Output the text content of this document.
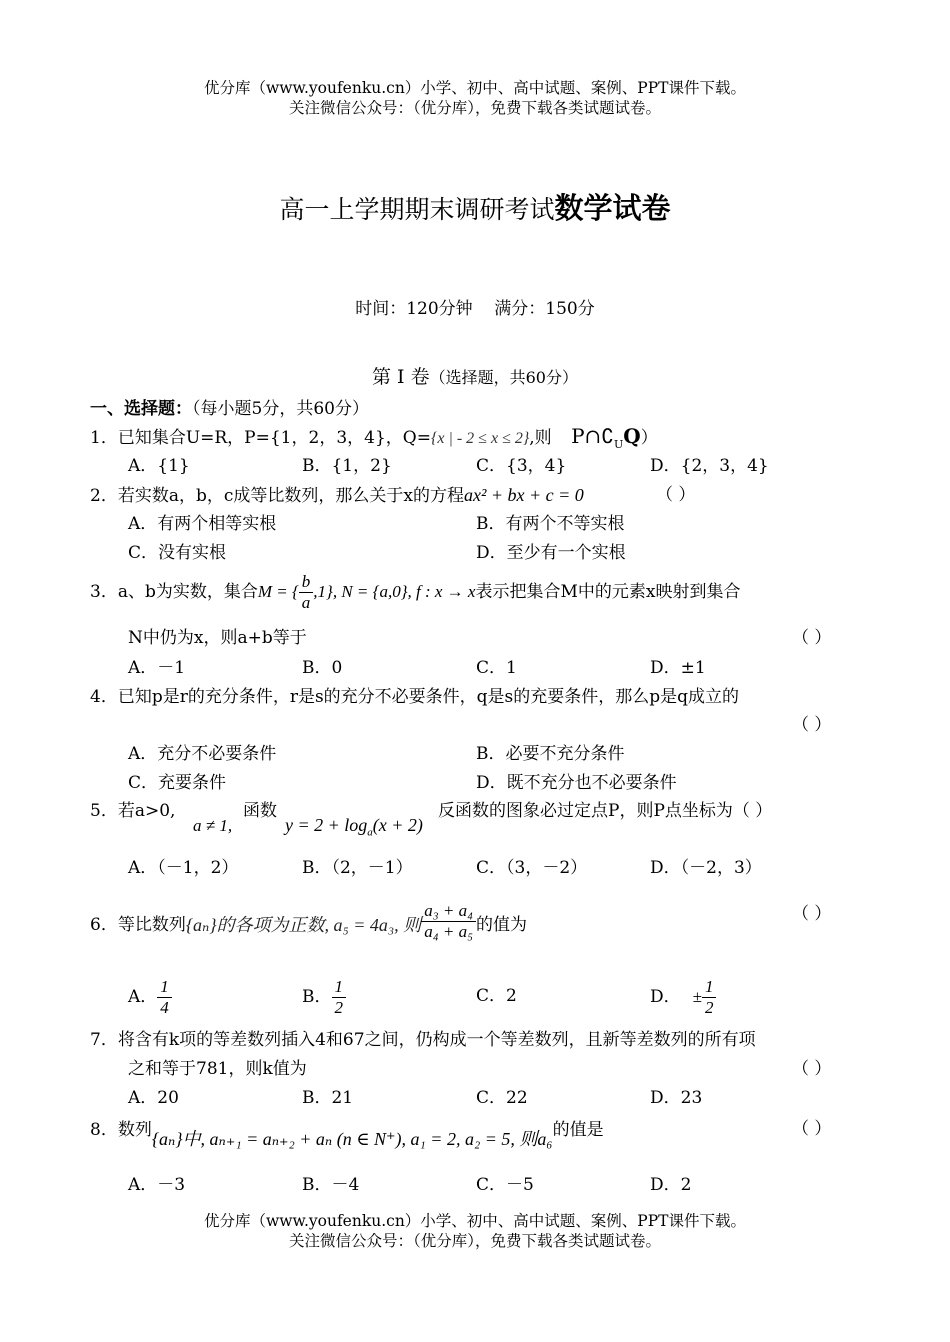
优分库（www.youfenku.cn）小学、初中、高中试题、案例、PPT课件下载。
关注微信公众号：（优分库），免费下载各类试题试卷。
高一上学期期末调研考试数学试卷
时间：120分钟    满分：150分
第 Ⅰ 卷（选择题，共60分）
一、选择题：（每小题5分，共60分）
1．已知集合U=R，P={1，2，3，4}，Q={x | - 2 ≤ x ≤ 2},则 $P\cap∁_UQ$）
A．{1}	B．{1，2}	C．{3，4}	D．{2，3，4}
2．若实数a，b，c成等比数列，那么关于x的方程ax² + bx + c = 0	（ ）
A．有两个相等实根	B．有两个不等实根
C．没有实根	D．至少有一个实根
3．a、b为实数，集合M = { $\frac{b}{a} ,1$}, N = {a,0}, f : x → x表示把集合M中的元素x映射到集合
N中仍为x，则a+b等于	（ ）
A．－1	B．0	C．1	D．±1
4．已知p是r的充分条件，r是s的充分不必要条件，q是s的充要条件，那么p是q成立的
（ ）
A．充分不必要条件	B．必要不充分条件
C．充要条件	D．既不充分也不必要条件
5．若a>0,
a ≠ 1,
函数
$y = 2 + \log_a(x + 2)$
反函数的图象必过定点P，则P点坐标为（ ）
A．（－1，2）	B．（2，－1）	C．（3，－2）	D．（－2，3）
6．等比数列{aₙ}的各项为正数, a₅ = 4a₃, 则 $\frac{\text{a₃ + a₄}}{\text{a₄ + a₅}}$ 的值为
（ ）
A． $\frac{1}{4}$	B． $\frac{1}{2}$	C．2	D． ± $\frac{1}{2}$
7．将含有k项的等差数列插入4和67之间，仍构成一个等差数列，且新等差数列的所有项
之和等于781，则k值为	（ ）
A．20	B．21	C．22	D．23
8．数列{aₙ}中, aₙ₊₁ = aₙ₊₂ + aₙ (n ∈ N⁺), a₁ = 2, a₂ = 5, 则a₆的值是	（ ）
A．－3	B．－4	C．－5	D．2
优分库（www.youfenku.cn）小学、初中、高中试题、案例、PPT课件下载。
关注微信公众号：（优分库），免费下载各类试题试卷。
